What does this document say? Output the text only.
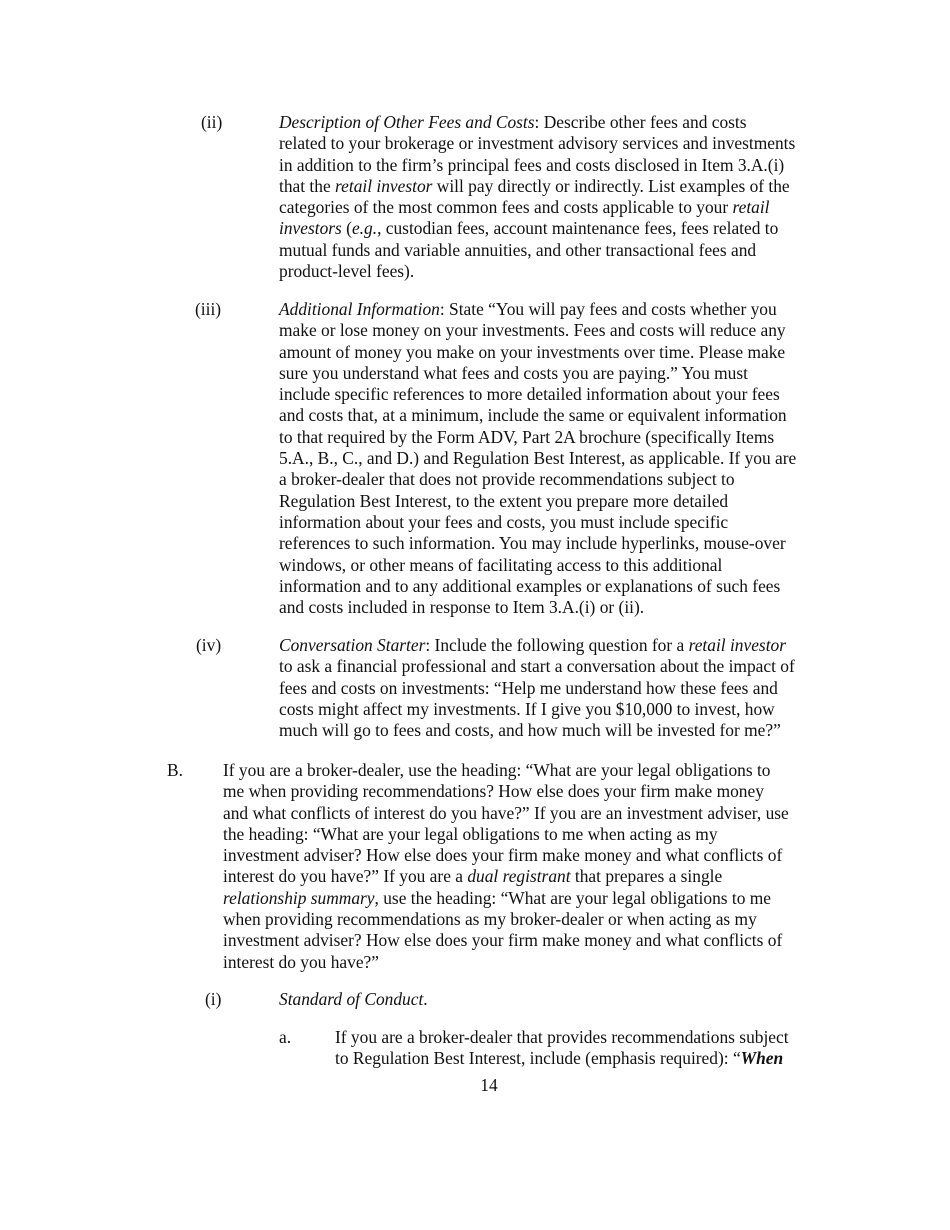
(ii)	Description of Other Fees and Costs: Describe other fees and costs
related to your brokerage or investment advisory services and investments
in addition to the firm’s principal fees and costs disclosed in Item 3.A.(i)
that the retail investor will pay directly or indirectly. List examples of the
categories of the most common fees and costs applicable to your retail
investors (e.g., custodian fees, account maintenance fees, fees related to
mutual funds and variable annuities, and other transactional fees and
product-level fees).
(iii)	Additional Information: State “You will pay fees and costs whether you
make or lose money on your investments. Fees and costs will reduce any
amount of money you make on your investments over time. Please make
sure you understand what fees and costs you are paying.” You must
include specific references to more detailed information about your fees
and costs that, at a minimum, include the same or equivalent information
to that required by the Form ADV, Part 2A brochure (specifically Items
5.A., B., C., and D.) and Regulation Best Interest, as applicable. If you are
a broker-dealer that does not provide recommendations subject to
Regulation Best Interest, to the extent you prepare more detailed
information about your fees and costs, you must include specific
references to such information. You may include hyperlinks, mouse-over
windows, or other means of facilitating access to this additional
information and to any additional examples or explanations of such fees
and costs included in response to Item 3.A.(i) or (ii).
(iv)	Conversation Starter: Include the following question for a retail investor
to ask a financial professional and start a conversation about the impact of
fees and costs on investments: “Help me understand how these fees and
costs might affect my investments. If I give you $10,000 to invest, how
much will go to fees and costs, and how much will be invested for me?”
B. If you are a broker-dealer, use the heading: “What are your legal obligations to
me when providing recommendations? How else does your firm make money
and what conflicts of interest do you have?” If you are an investment adviser, use
the heading: “What are your legal obligations to me when acting as my
investment adviser? How else does your firm make money and what conflicts of
interest do you have?” If you are a dual registrant that prepares a single
relationship summary, use the heading: “What are your legal obligations to me
when providing recommendations as my broker-dealer or when acting as my
investment adviser? How else does your firm make money and what conflicts of
interest do you have?”
(i)	Standard of Conduct.
a.	If you are a broker-dealer that provides recommendations subject
to Regulation Best Interest, include (emphasis required): “When
14
